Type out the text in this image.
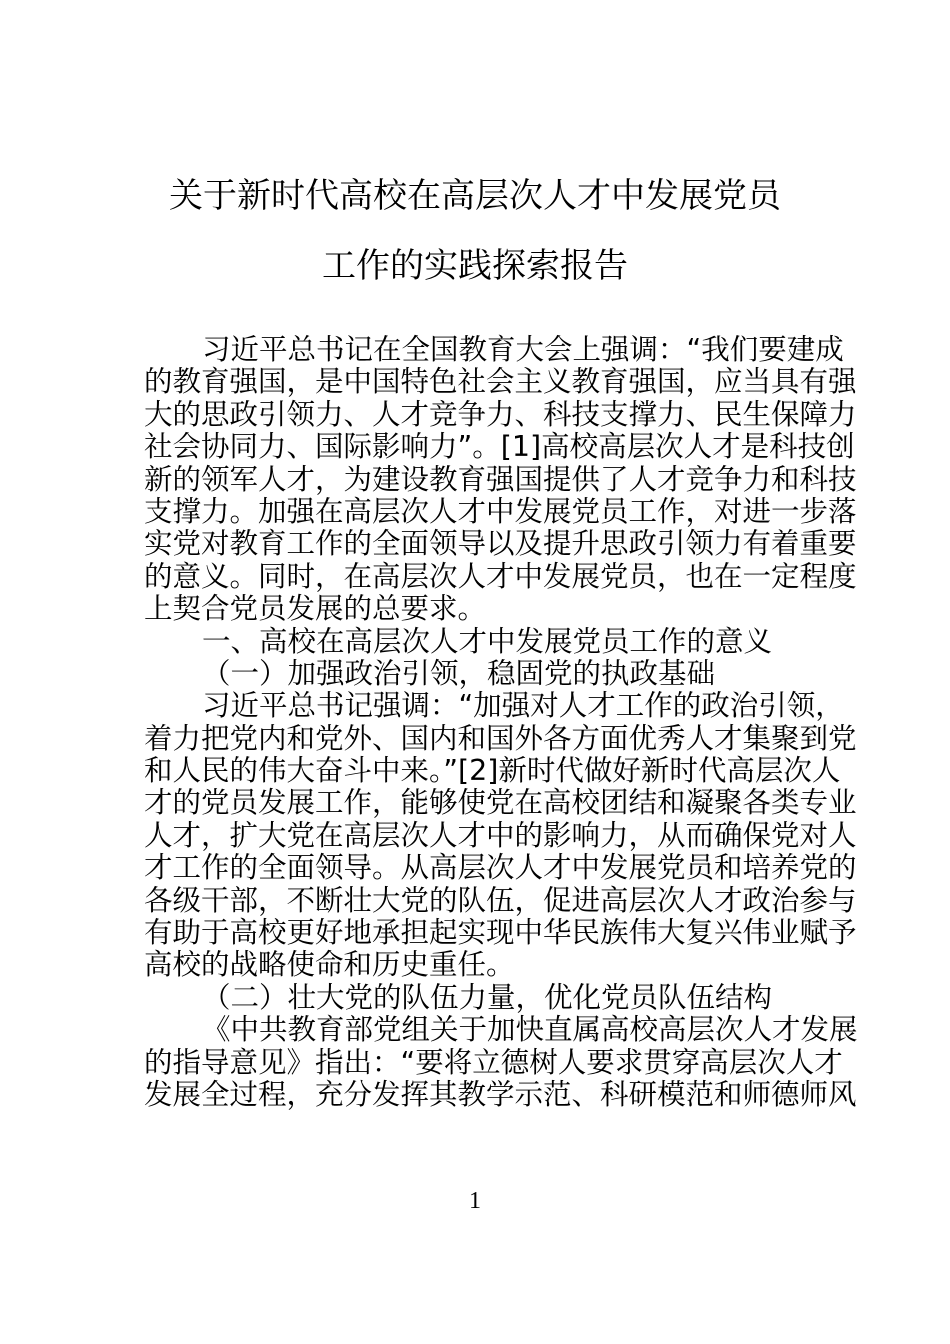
关于新时代高校在高层次人才中发展党员
工作的实践探索报告
习近平总书记在全国教育大会上强调：“我们要建成
的教育强国，是中国特色社会主义教育强国，应当具有强
大的思政引领力、人才竞争力、科技支撑力、民生保障力
社会协同力、国际影响力”。[1]高校高层次人才是科技创
新的领军人才，为建设教育强国提供了人才竞争力和科技
支撑力。加强在高层次人才中发展党员工作，对进一步落
实党对教育工作的全面领导以及提升思政引领力有着重要
的意义。同时，在高层次人才中发展党员，也在一定程度
上契合党员发展的总要求。
一、高校在高层次人才中发展党员工作的意义
（一）加强政治引领，稳固党的执政基础
习近平总书记强调：“加强对人才工作的政治引领，
着力把党内和党外、国内和国外各方面优秀人才集聚到党
和人民的伟大奋斗中来。”[2]新时代做好新时代高层次人
才的党员发展工作，能够使党在高校团结和凝聚各类专业
人才，扩大党在高层次人才中的影响力，从而确保党对人
才工作的全面领导。从高层次人才中发展党员和培养党的
各级干部，不断壮大党的队伍，促进高层次人才政治参与
有助于高校更好地承担起实现中华民族伟大复兴伟业赋予
高校的战略使命和历史重任。
（二）壮大党的队伍力量，优化党员队伍结构
《中共教育部党组关于加快直属高校高层次人才发展
的指导意见》指出：“要将立德树人要求贯穿高层次人才
发展全过程，充分发挥其教学示范、科研模范和师德师风
1
